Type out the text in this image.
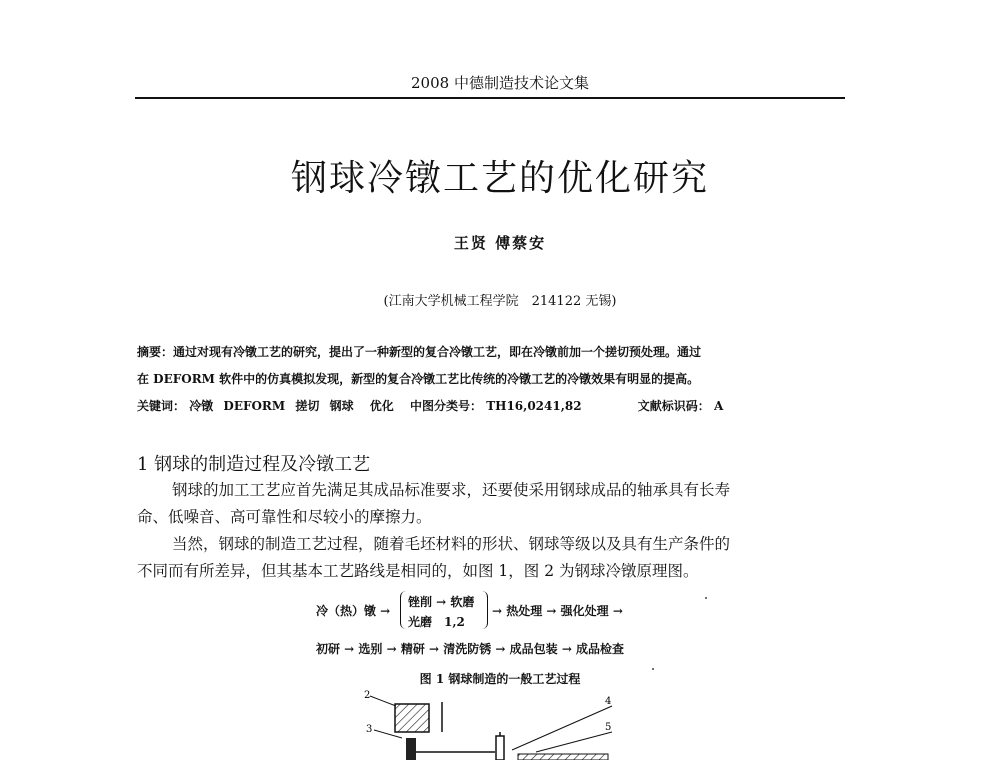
2008 中德制造技术论文集
钢球冷镦工艺的优化研究
王贤 傅蔡安
(江南大学机械工程学院　214122 无锡)
摘要：通过对现有冷镦工艺的研究，提出了一种新型的复合冷镦工艺，即在冷镦前加一个搓切预处理。通过
在 DEFORM 软件中的仿真模拟发现，新型的复合冷镦工艺比传统的冷镦工艺的冷镦效果有明显的提高。
关键词： 冷镦 DEFORM 搓切 钢球 优化 中图分类号： TH16,0241,82	文献标识码： A
1 钢球的制造过程及冷镦工艺
钢球的加工工艺应首先满足其成品标准要求，还要使采用钢球成品的轴承具有长寿
命、低噪音、高可靠性和尽较小的摩擦力。
当然，钢球的制造工艺过程，随着毛坯材料的形状、钢球等级以及具有生产条件的
不同而有所差异，但其基本工艺路线是相同的，如图 1，图 2 为钢球冷镦原理图。
冷（热）镦 →
锉削 → 软磨
光磨　1,2
→ 热处理 → 强化处理 →
初研 → 选别 → 精研 → 清洗防锈 → 成品包装 → 成品检查
图 1 钢球制造的一般工艺过程
2
3
4
5
